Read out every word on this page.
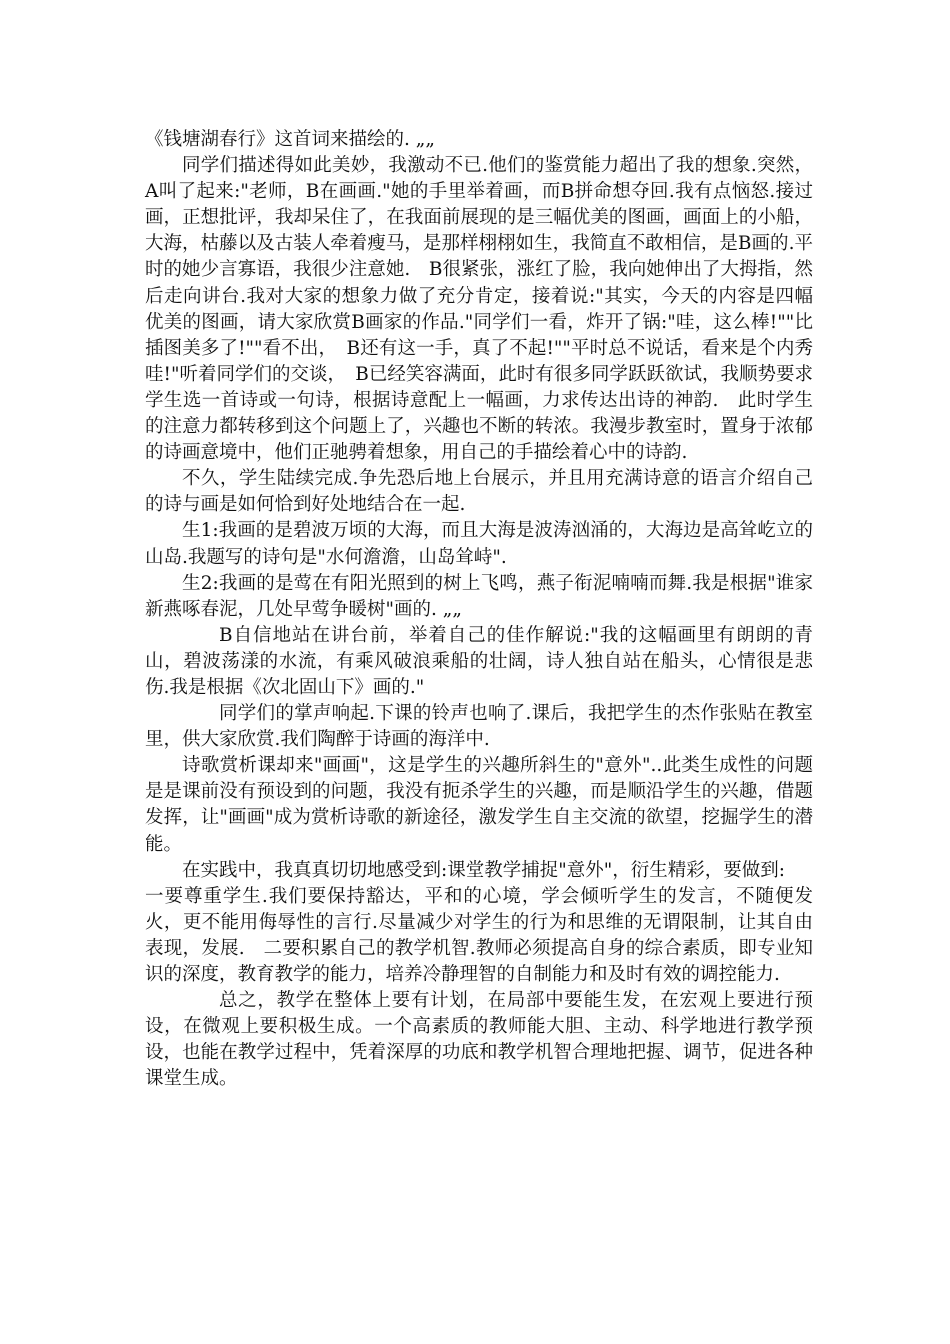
《钱塘湖春行》这首词来描绘的. „„

同学们描述得如此美妙，我激动不已.他们的鉴赏能力超出了我的想象.突然，A叫了起来:"老师，B在画画."她的手里举着画，而B拼命想夺回.我有点恼怒.接过画，正想批评，我却呆住了，在我面前展现的是三幅优美的图画，画面上的小船，大海，枯藤以及古装人牵着瘦马，是那样栩栩如生，我简直不敢相信，是B画的.平时的她少言寡语，我很少注意她.　B很紧张，涨红了脸，我向她伸出了大拇指，然后走向讲台.我对大家的想象力做了充分肯定，接着说:"其实，今天的内容是四幅优美的图画，请大家欣赏B画家的作品."同学们一看，炸开了锅:"哇，这么棒!""比插图美多了!""看不出，　B还有这一手，真了不起!""平时总不说话，看来是个内秀哇!"听着同学们的交谈，　B已经笑容满面，此时有很多同学跃跃欲试，我顺势要求学生选一首诗或一句诗，根据诗意配上一幅画，力求传达出诗的神韵.　此时学生的注意力都转移到这个问题上了，兴趣也不断的转浓。我漫步教室时，置身于浓郁的诗画意境中，他们正驰骋着想象，用自己的手描绘着心中的诗韵.

不久，学生陆续完成.争先恐后地上台展示，并且用充满诗意的语言介绍自己的诗与画是如何恰到好处地结合在一起.

生1:我画的是碧波万顷的大海，而且大海是波涛汹涌的，大海边是高耸屹立的山岛.我题写的诗句是"水何澹澹，山岛耸峙".

生2:我画的是莺在有阳光照到的树上飞鸣，燕子衔泥喃喃而舞.我是根据"谁家新燕啄春泥，几处早莺争暖树"画的. „„

B自信地站在讲台前，举着自己的佳作解说:"我的这幅画里有朗朗的青山，碧波荡漾的水流，有乘风破浪乘船的壮阔，诗人独自站在船头，心情很是悲伤.我是根据《次北固山下》画的."

同学们的掌声响起.下课的铃声也响了.课后，我把学生的杰作张贴在教室里，供大家欣赏.我们陶醉于诗画的海洋中.

诗歌赏析课却来"画画"，这是学生的兴趣所斜生的"意外"..此类生成性的问题是是课前没有预设到的问题，我没有扼杀学生的兴趣，而是顺沿学生的兴趣，借题发挥，让"画画"成为赏析诗歌的新途径，激发学生自主交流的欲望，挖掘学生的潜能。

在实践中，我真真切切地感受到:课堂教学捕捉"意外"，衍生精彩，要做到:

一要尊重学生.我们要保持豁达，平和的心境，学会倾听学生的发言，不随便发火，更不能用侮辱性的言行.尽量减少对学生的行为和思维的无谓限制，让其自由表现，发展.　二要积累自己的教学机智.教师必须提高自身的综合素质，即专业知识的深度，教育教学的能力，培养冷静理智的自制能力和及时有效的调控能力.

总之，教学在整体上要有计划，在局部中要能生发，在宏观上要进行预设，在微观上要积极生成。一个高素质的教师能大胆、主动、科学地进行教学预设，也能在教学过程中，凭着深厚的功底和教学机智合理地把握、调节，促进各种课堂生成。
